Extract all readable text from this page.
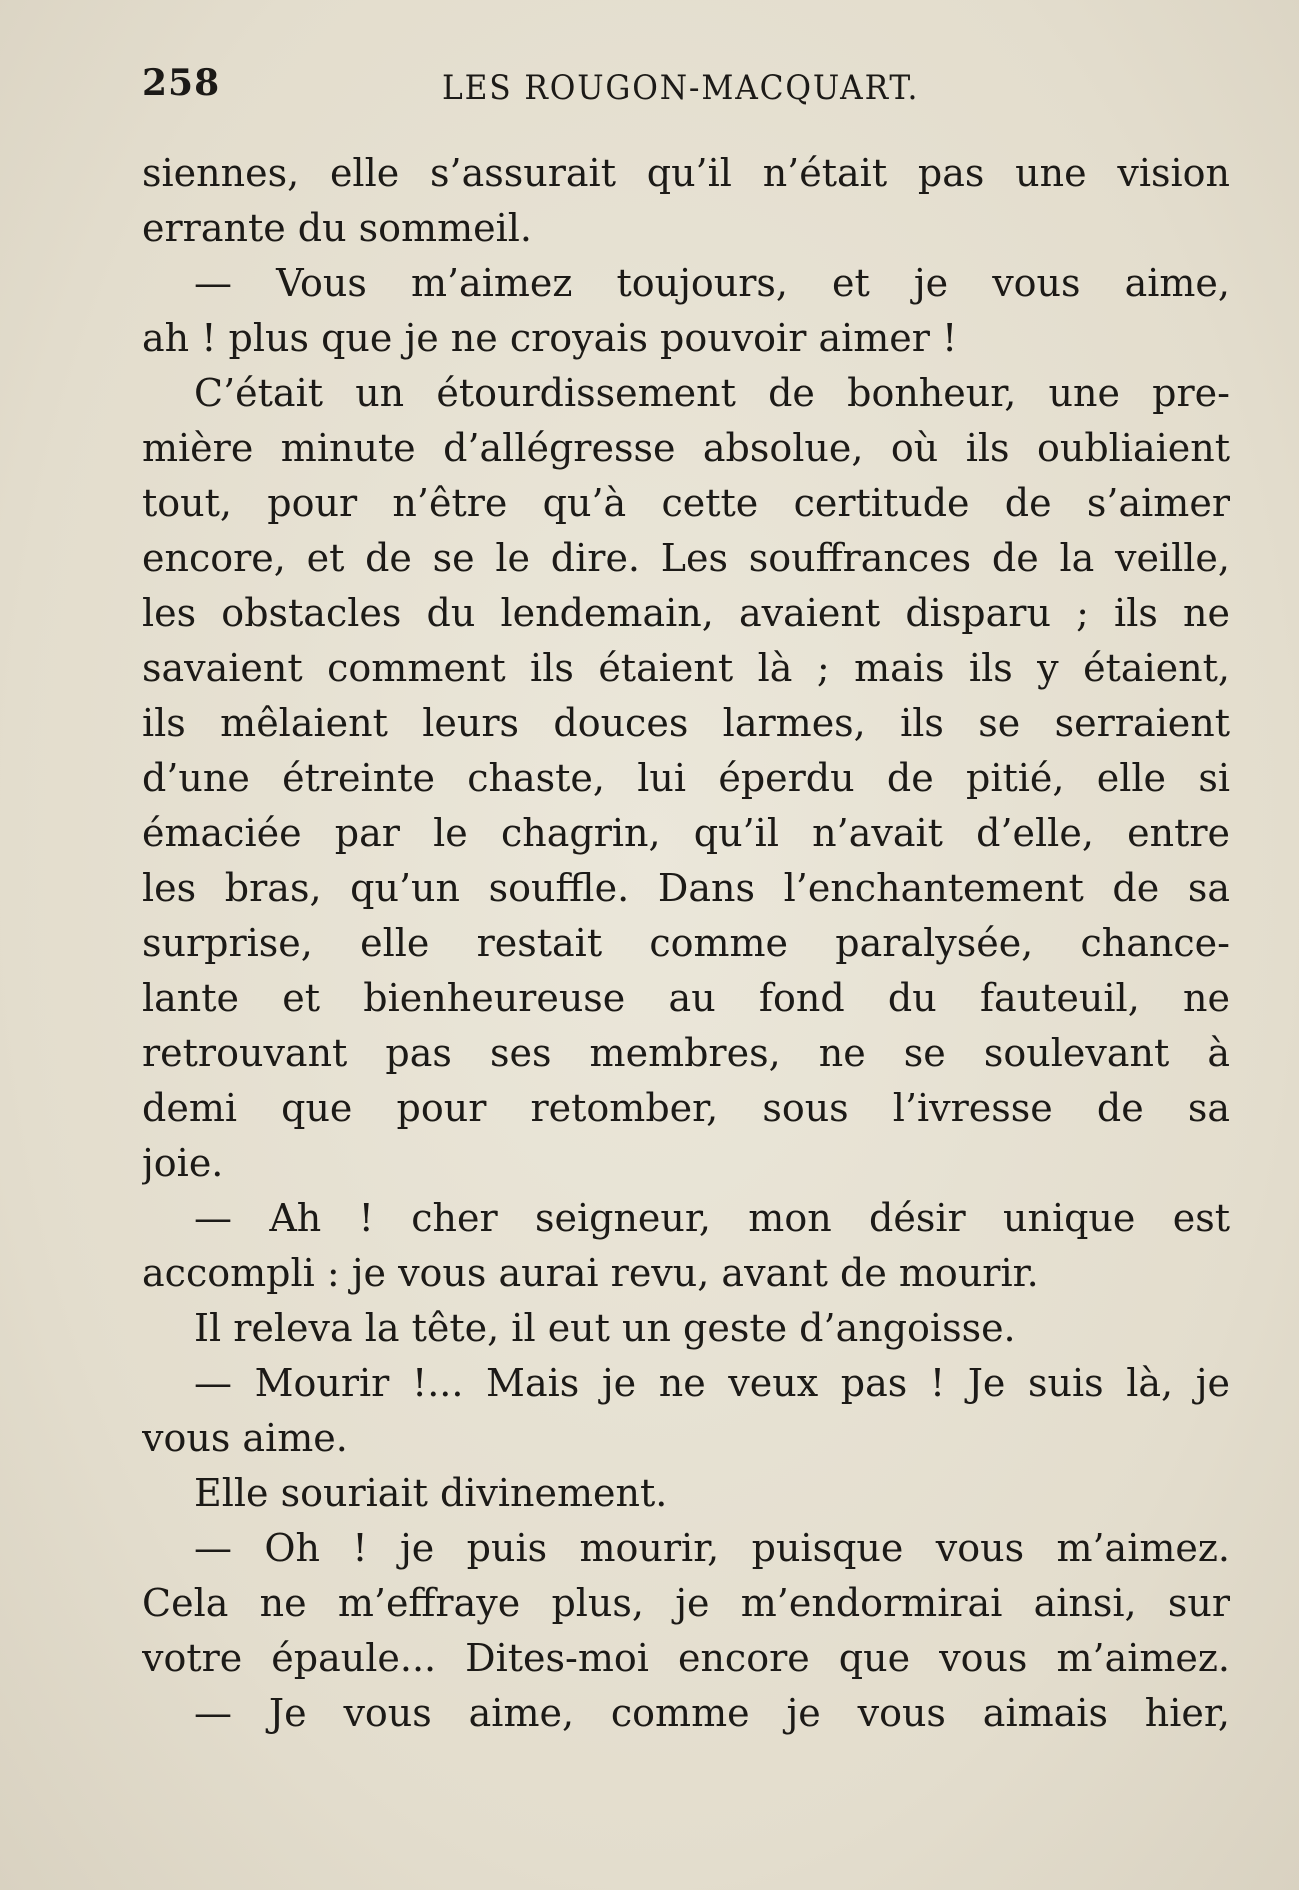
258	LES ROUGON-MACQUART.
siennes, elle s’assurait qu’il n’était pas une vision
errante du sommeil.
— Vous m’aimez toujours, et je vous aime,
ah ! plus que je ne croyais pouvoir aimer !
C’était un étourdissement de bonheur, une pre-
mière minute d’allégresse absolue, où ils oubliaient
tout, pour n’être qu’à cette certitude de s’aimer
encore, et de se le dire. Les souffrances de la veille,
les obstacles du lendemain, avaient disparu ; ils ne
savaient comment ils étaient là ; mais ils y étaient,
ils mêlaient leurs douces larmes, ils se serraient
d’une étreinte chaste, lui éperdu de pitié, elle si
émaciée par le chagrin, qu’il n’avait d’elle, entre
les bras, qu’un souffle. Dans l’enchantement de sa
surprise, elle restait comme paralysée, chance-
lante et bienheureuse au fond du fauteuil, ne
retrouvant pas ses membres, ne se soulevant à
demi que pour retomber, sous l’ivresse de sa
joie.
— Ah ! cher seigneur, mon désir unique est
accompli : je vous aurai revu, avant de mourir.
Il releva la tête, il eut un geste d’angoisse.
— Mourir !... Mais je ne veux pas ! Je suis là, je
vous aime.
Elle souriait divinement.
— Oh ! je puis mourir, puisque vous m’aimez.
Cela ne m’effraye plus, je m’endormirai ainsi, sur
votre épaule... Dites-moi encore que vous m’aimez.
— Je vous aime, comme je vous aimais hier,
